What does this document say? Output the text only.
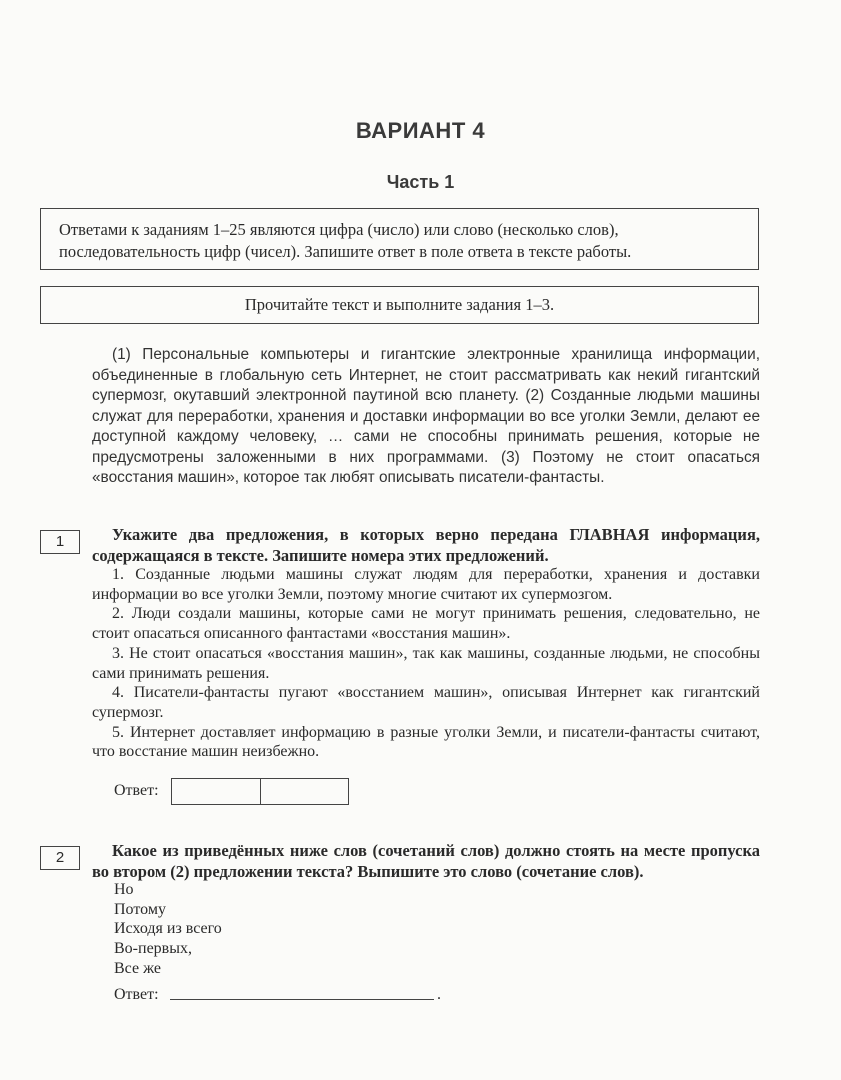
ВАРИАНТ 4
Часть 1
Ответами к заданиям 1–25 являются цифра (число) или слово (несколько слов), последовательность цифр (чисел). Запишите ответ в поле ответа в тексте работы.
Прочитайте текст и выполните задания 1–3.
(1) Персональные компьютеры и гигантские электронные хранилища информации, объединенные в глобальную сеть Интернет, не стоит рассматривать как некий гигантский супермозг, окутавший электронной паутиной всю планету. (2) Созданные людьми машины служат для переработки, хранения и доставки информации во все уголки Земли, делают ее доступной каждому человеку, … сами не способны принимать решения, которые не предусмотрены заложенными в них программами. (3) Поэтому не стоит опасаться «восстания машин», которое так любят описывать писатели-фантасты.
1	Укажите два предложения, в которых верно передана ГЛАВНАЯ информация, содержащаяся в тексте. Запишите номера этих предложений.

1. Созданные людьми машины служат людям для переработки, хранения и доставки информации во все уголки Земли, поэтому многие считают их супермозгом.

2. Люди создали машины, которые сами не могут принимать решения, следовательно, не стоит опасаться описанного фантастами «восстания машин».

3. Не стоит опасаться «восстания машин», так как машины, созданные людьми, не способны сами принимать решения.

4. Писатели-фантасты пугают «восстанием машин», описывая Интернет как гигантский супермозг.

5. Интернет доставляет информацию в разные уголки Земли, и писатели-фантасты считают, что восстание машин неизбежно.

Ответ:
2	Какое из приведённых ниже слов (сочетаний слов) должно стоять на месте пропуска во втором (2) предложении текста? Выпишите это слово (сочетание слов).
Но
Потому
Исходя из всего
Во-первых,
Все же
Ответ:	.
